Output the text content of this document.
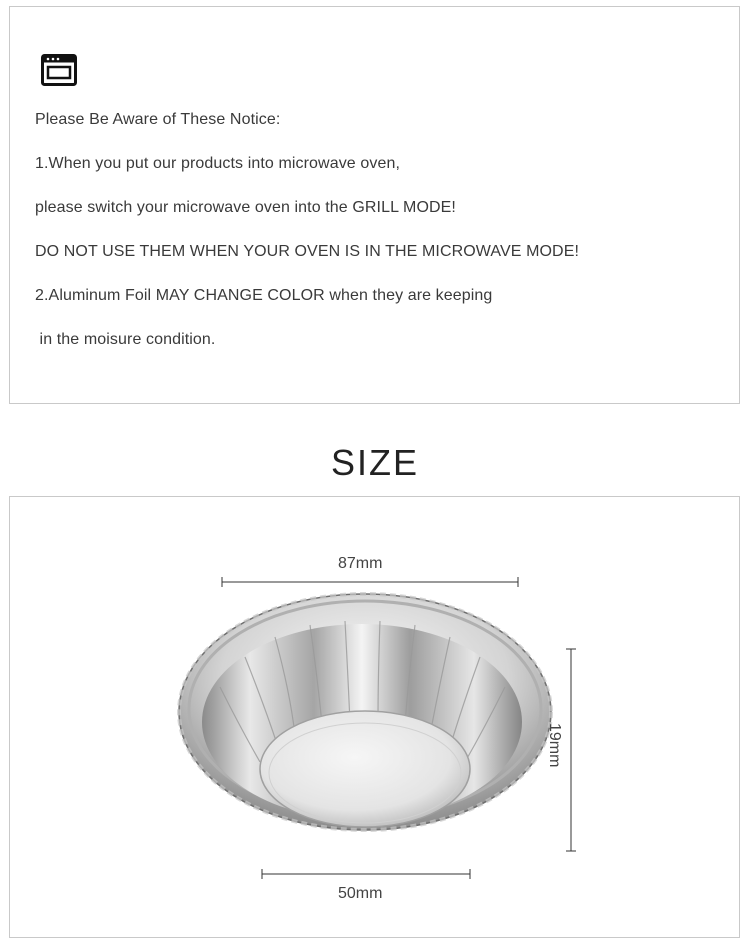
Please Be Aware of These Notice:
1.When you put our products into microwave oven,
please switch your microwave oven into the GRILL MODE!
DO NOT USE THEM WHEN YOUR OVEN IS IN THE MICROWAVE MODE!
2.Aluminum Foil MAY CHANGE COLOR when they are keeping
in the moisure condition.
SIZE
87mm
19mm
50mm
